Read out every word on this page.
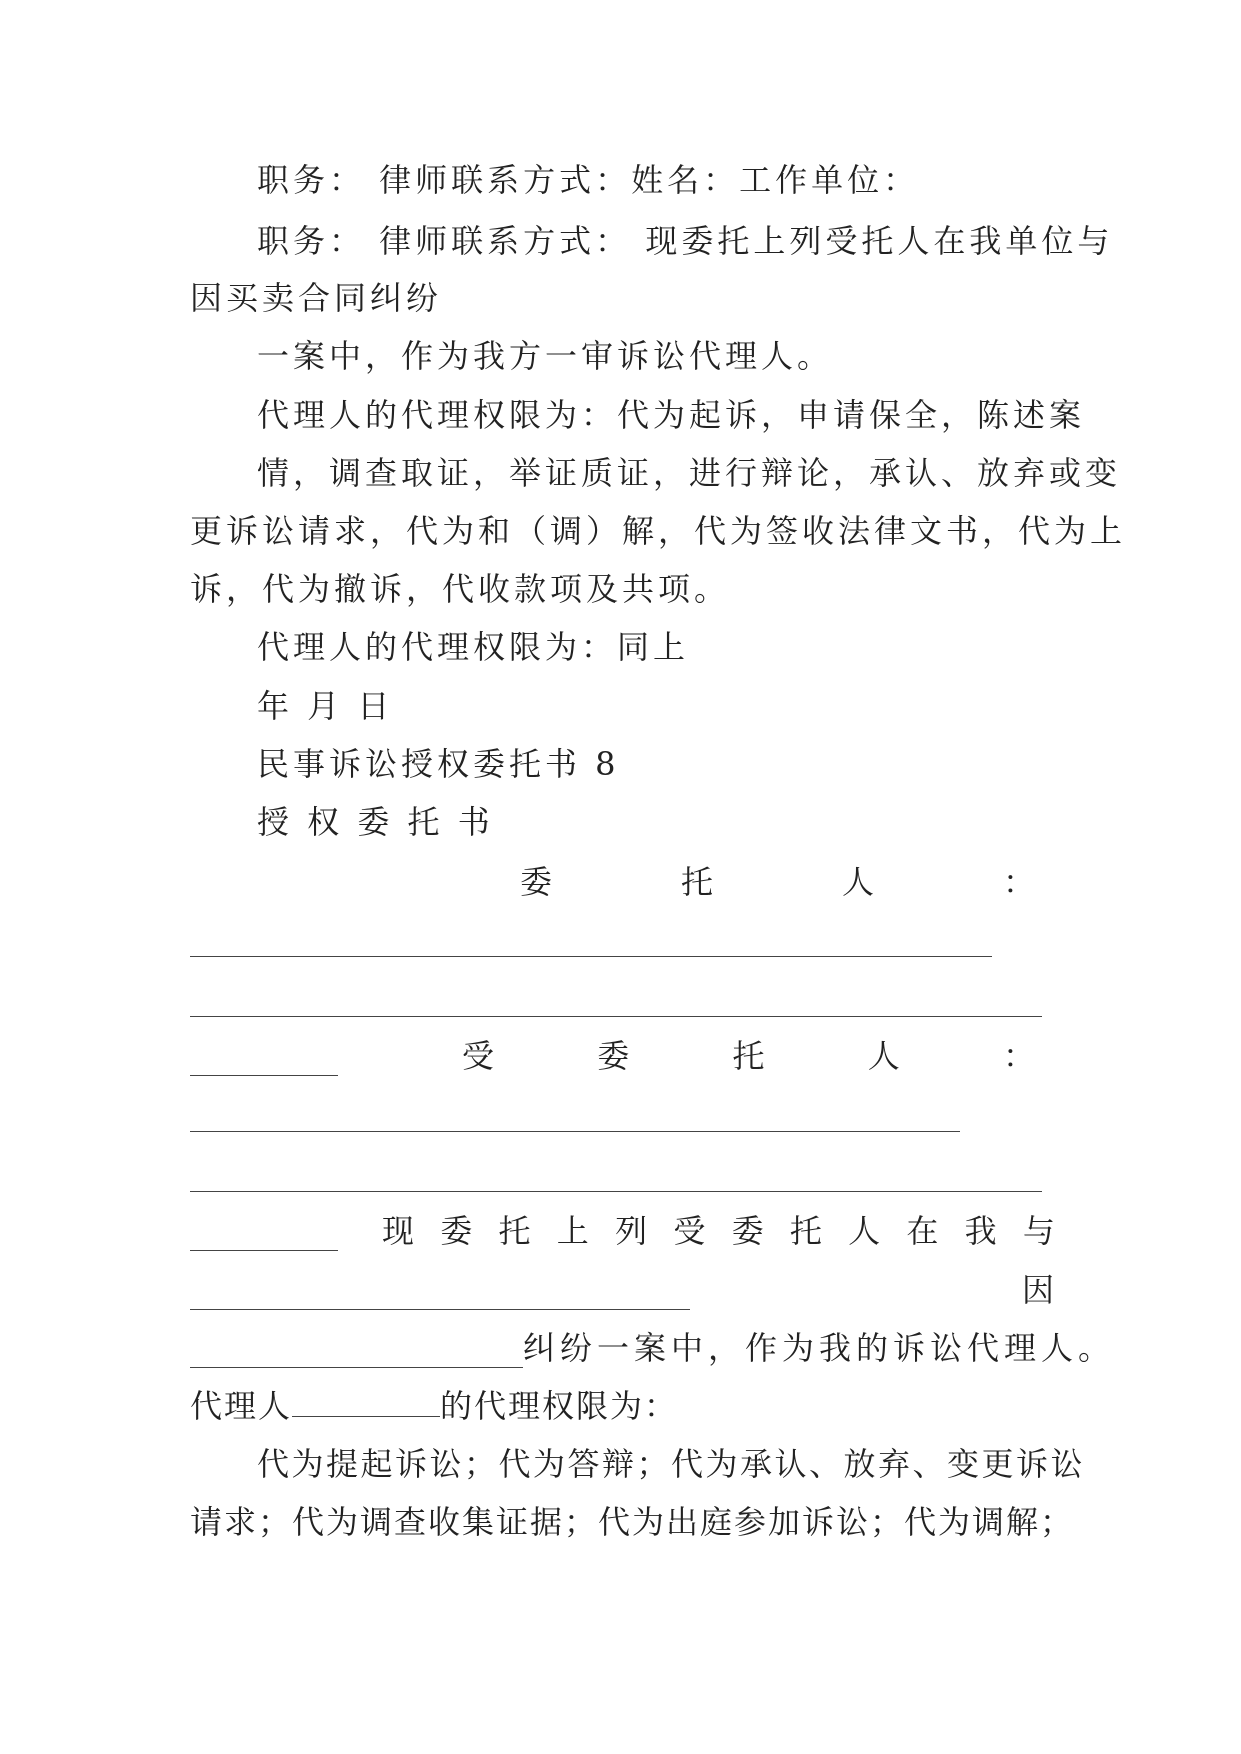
职务： 律师联系方式：姓名：工作单位：
职务： 律师联系方式： 现委托上列受托人在我单位与
因买卖合同纠纷
一案中，作为我方一审诉讼代理人。
代理人的代理权限为：代为起诉，申请保全，陈述案
情，调查取证，举证质证，进行辩论，承认、放弃或变
更诉讼请求，代为和（调）解，代为签收法律文书，代为上
诉，代为撤诉，代收款项及共项。
代理人的代理权限为：同上
年 月 日
民事诉讼授权委托书 8
授 权 委 托 书
委	托	人	：
受	委	托	人	：
现 委 托 上 列 受 委 托 人 在 我 与
因
纠纷一案中，作为我的诉讼代理人。
代理人	的代理权限为：
代为提起诉讼；代为答辩；代为承认、放弃、变更诉讼
请求；代为调查收集证据；代为出庭参加诉讼；代为调解；
